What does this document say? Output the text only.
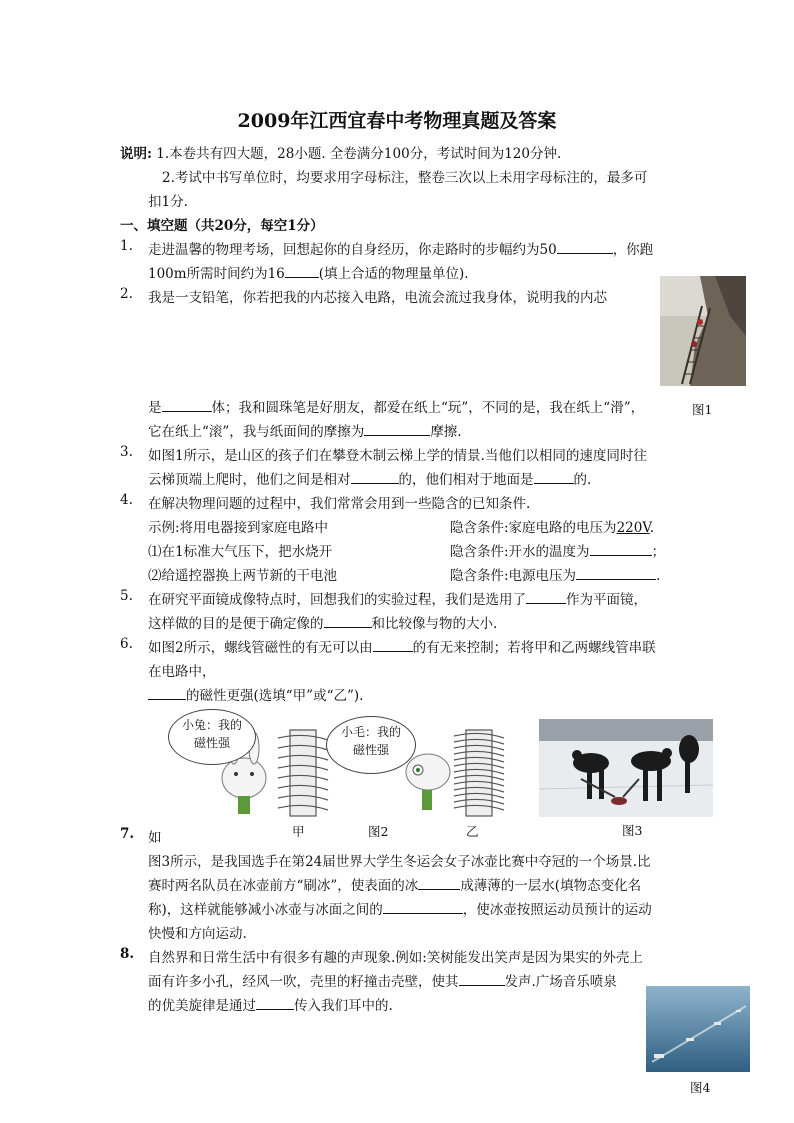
2009年江西宜春中考物理真题及答案
说明: 1.本卷共有四大题，28小题. 全卷满分100分，考试时间为120分钟.
2.考试中书写单位时，均要求用字母标注，整卷三次以上未用字母标注的，最多可
扣1分.
一、填空题（共20分，每空1分）
1. 走进温馨的物理考场，回想起你的自身经历，你走路时的步幅约为50	，你跑
100m所需时间约为16	(填上合适的物理量单位).
2. 我是一支铅笔，你若把我的内芯接入电路，电流会流过我身体，说明我的内芯
是	体；我和圆珠笔是好朋友，都爱在纸上“玩”，不同的是，我在纸上“滑”，	图1
它在纸上“滚”，我与纸面间的摩擦为	摩擦.
3. 如图1所示，是山区的孩子们在攀登木制云梯上学的情景.当他们以相同的速度同时往
云梯顶端上爬时，他们之间是相对	的，他们相对于地面是	的.
4. 在解决物理问题的过程中，我们常常会用到一些隐含的已知条件.
示例:将用电器接到家庭电路中	隐含条件:家庭电路的电压为220V.
⑴在1标准大气压下，把水烧开	隐含条件:开水的温度为	；
⑵给遥控器换上两节新的干电池	隐含条件:电源电压为	.
5. 在研究平面镜成像特点时，回想我们的实验过程，我们是选用了	作为平面镜，
这样做的目的是便于确定像的	和比较像与物的大小.
6. 如图2所示，螺线管磁性的有无可以由	的有无来控制；若将甲和乙两螺线管串联
在电路中，
的磁性更强(选填“甲”或“乙”).
小兔：我的
磁性强
小毛：我的
磁性强
甲	图2	乙	图3
7. 如
图3所示，是我国选手在第24届世界大学生冬运会女子冰壶比赛中夺冠的一个场景.比
赛时两名队员在冰壶前方“刷冰”，使表面的冰	成薄薄的一层水(填物态变化名
称)，这样就能够减小冰壶与冰面之间的	，使冰壶按照运动员预计的运动
快慢和方向运动.
8. 自然界和日常生活中有很多有趣的声现象.例如:笑树能发出笑声是因为果实的外壳上
面有许多小孔，经风一吹，壳里的籽撞击壳壁，使其	发声.广场音乐喷泉
的优美旋律是通过	传入我们耳中的.
图4
